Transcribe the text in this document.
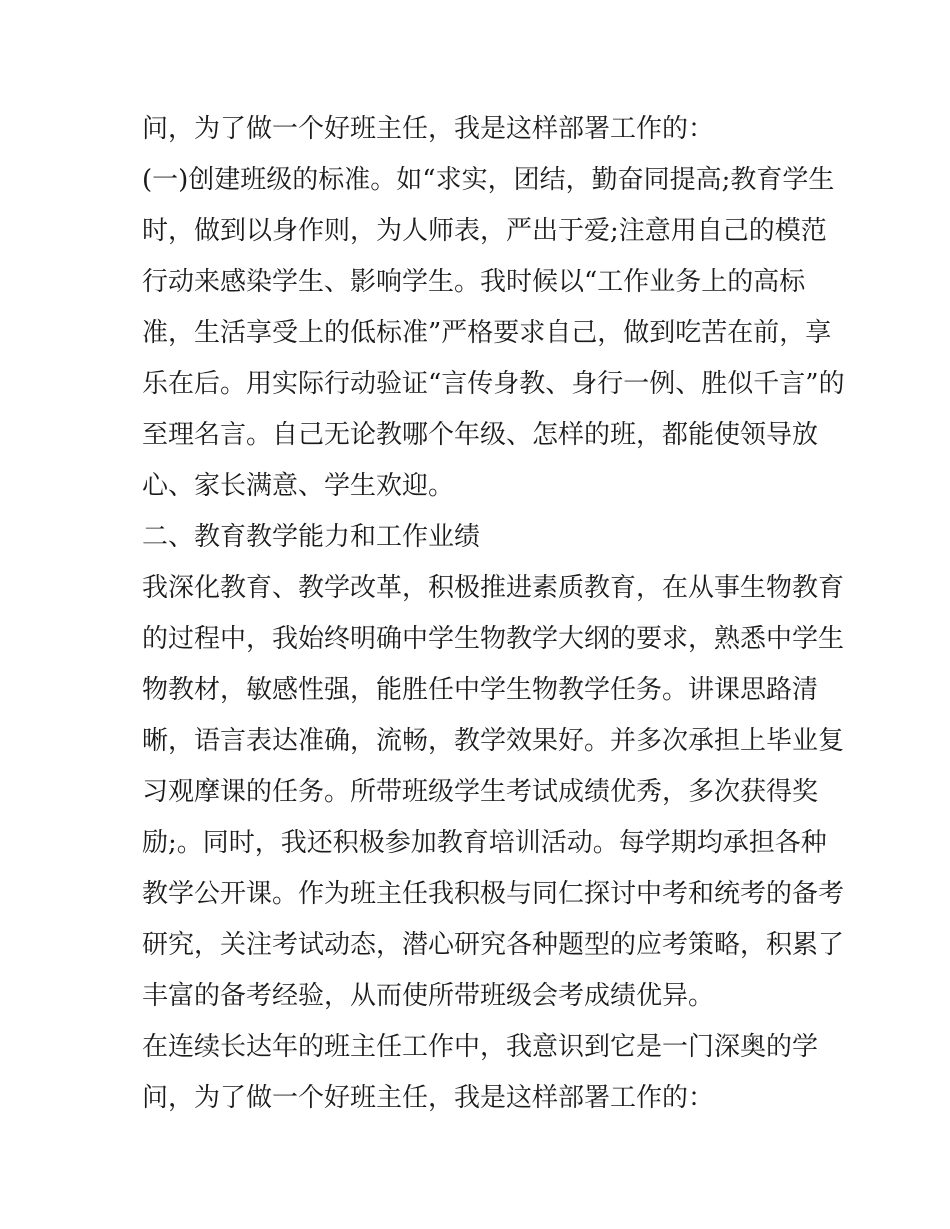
问，为了做一个好班主任，我是这样部署工作的：
(一)创建班级的标准。如“求实，团结，勤奋同提高;教育学生
时，做到以身作则，为人师表，严出于爱;注意用自己的模范
行动来感染学生、影响学生。我时候以“工作业务上的高标
准，生活享受上的低标准”严格要求自己，做到吃苦在前，享
乐在后。用实际行动验证“言传身教、身行一例、胜似千言”的
至理名言。自己无论教哪个年级、怎样的班，都能使领导放
心、家长满意、学生欢迎。
二、教育教学能力和工作业绩
我深化教育、教学改革，积极推进素质教育，在从事生物教育
的过程中，我始终明确中学生物教学大纲的要求，熟悉中学生
物教材，敏感性强，能胜任中学生物教学任务。讲课思路清
晰，语言表达准确，流畅，教学效果好。并多次承担上毕业复
习观摩课的任务。所带班级学生考试成绩优秀，多次获得奖
励;。同时，我还积极参加教育培训活动。每学期均承担各种
教学公开课。作为班主任我积极与同仁探讨中考和统考的备考
研究，关注考试动态，潜心研究各种题型的应考策略，积累了
丰富的备考经验，从而使所带班级会考成绩优异。
在连续长达年的班主任工作中，我意识到它是一门深奥的学
问，为了做一个好班主任，我是这样部署工作的：
